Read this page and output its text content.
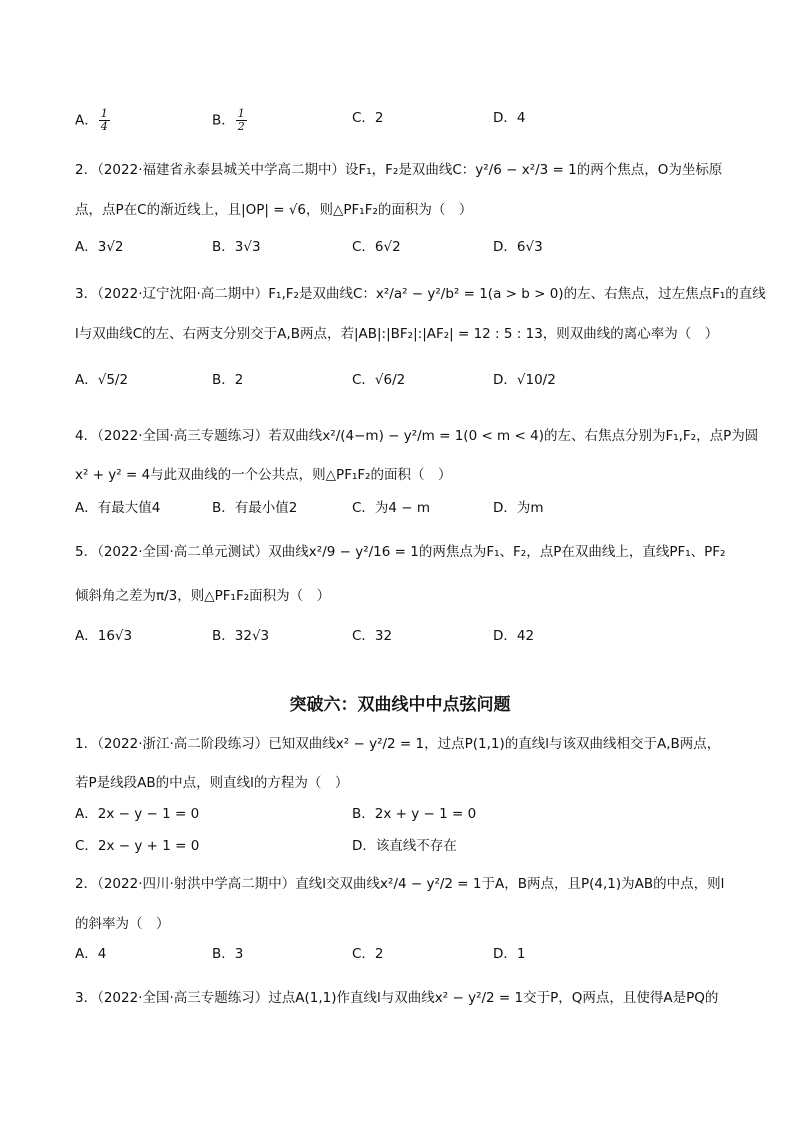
A． $\frac{1}{4}$	B． $\frac{1}{2}$	C．2	D．4
2．（2022·福建省永泰县城关中学高二期中）设F₁，F₂是双曲线C：y²/6 − x²/3 = 1的两个焦点，O为坐标原
点，点P在C的渐近线上，且|OP| = √6，则△PF₁F₂的面积为（　）
A．3√2	B．3√3	C．6√2	D．6√3
3．（2022·辽宁沈阳·高二期中）F₁,F₂是双曲线C：x²/a² − y²/b² = 1(a > b > 0)的左、右焦点，过左焦点F₁的直线
l与双曲线C的左、右两支分别交于A,B两点，若|AB|:|BF₂|:|AF₂| = 12 : 5 : 13，则双曲线的离心率为（　）
A．√5/2	B．2	C．√6/2	D．√10/2
4．（2022·全国·高三专题练习）若双曲线x²/(4−m) − y²/m = 1(0 < m < 4)的左、右焦点分别为F₁,F₂，点P为圆
x² + y² = 4与此双曲线的一个公共点，则△PF₁F₂的面积（　）
A．有最大值4	B．有最小值2	C．为4 − m	D．为m
5．（2022·全国·高二单元测试）双曲线x²/9 − y²/16 = 1的两焦点为F₁、F₂，点P在双曲线上，直线PF₁、PF₂
倾斜角之差为π/3，则△PF₁F₂面积为（　）
A．16√3	B．32√3	C．32	D．42
突破六：双曲线中中点弦问题
1．（2022·浙江·高二阶段练习）已知双曲线x² − y²/2 = 1，过点P(1,1)的直线l与该双曲线相交于A,B两点，
若P是线段AB的中点，则直线l的方程为（　）
A．2x − y − 1 = 0	B．2x + y − 1 = 0
C．2x − y + 1 = 0	D．该直线不存在
2．（2022·四川·射洪中学高二期中）直线l交双曲线x²/4 − y²/2 = 1于A，B两点，且P(4,1)为AB的中点，则l
的斜率为（　）
A．4	B．3	C．2	D．1
3．（2022·全国·高三专题练习）过点A(1,1)作直线l与双曲线x² − y²/2 = 1交于P，Q两点，且使得A是PQ的
